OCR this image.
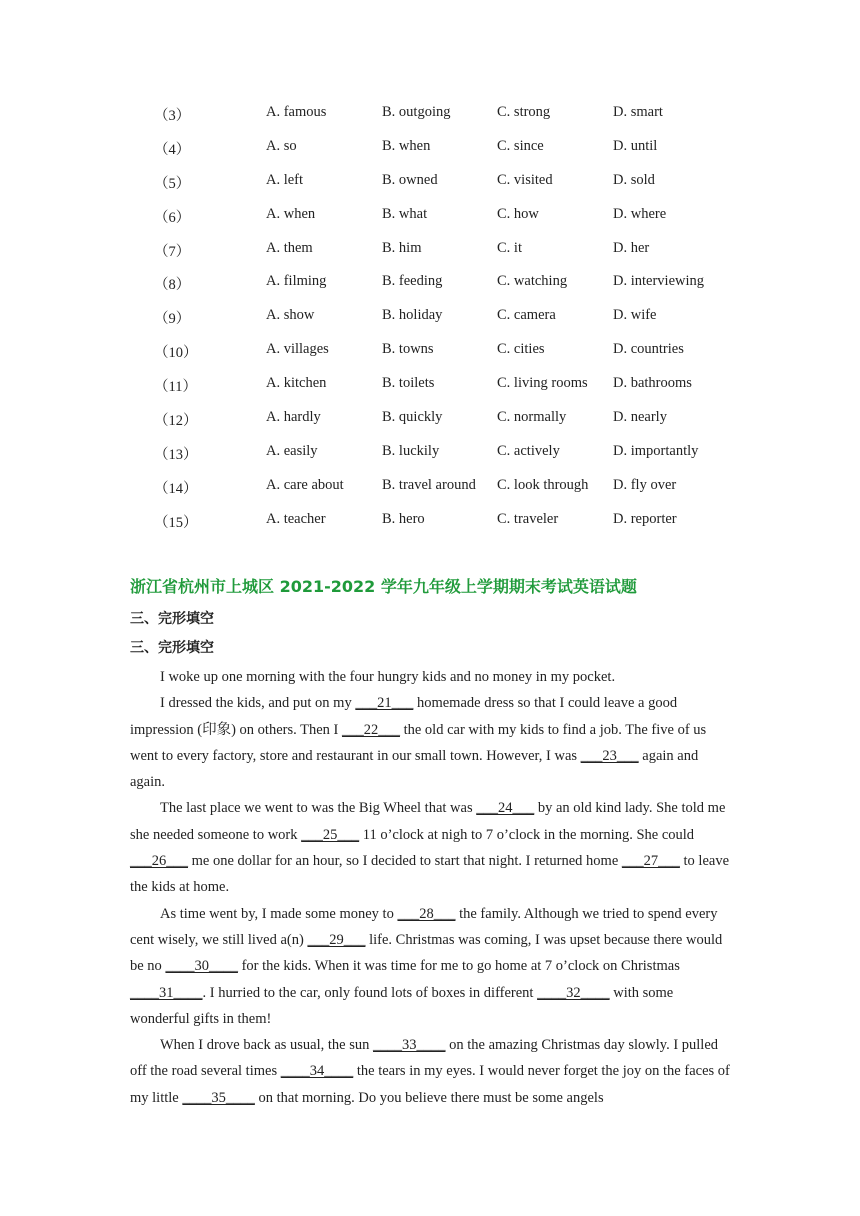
（3）	A. famous	B. outgoing	C. strong	D. smart
（4）	A. so	B. when	C. since	D. until
（5）	A. left	B. owned	C. visited	D. sold
（6）	A. when	B. what	C. how	D. where
（7）	A. them	B. him	C. it	D. her
（8）	A. filming	B. feeding	C. watching	D. interviewing
（9）	A. show	B. holiday	C. camera	D. wife
（10）	A. villages	B. towns	C. cities	D. countries
（11）	A. kitchen	B. toilets	C. living rooms D. bathrooms
（12）	A. hardly	B. quickly	C. normally	D. nearly
（13）	A. easily	B. luckily	C. actively	D. importantly
（14）	A. care about	B. travel around C. look through D. fly over
（15）	A. teacher	B. hero	C. traveler	D. reporter
浙江省杭州市上城区 2021-2022 学年九年级上学期期末考试英语试题
三、完形填空
三、完形填空

I woke up one morning with the four hungry kids and no money in my pocket.

I dressed the kids, and put on my ___21___ homemade dress so that I could leave a good impression (印象) on others. Then I ___22___ the old car with my kids to find a job. The five of us went to every factory, store and restaurant in our small town. However, I was ___23___ again and again.

The last place we went to was the Big Wheel that was ___24___ by an old kind lady. She told me she needed someone to work ___25___ 11 o’clock at nigh to 7 o’clock in the morning. She could ___26___ me one dollar for an hour, so I decided to start that night. I returned home ___27___ to leave the kids at home.

As time went by, I made some money to ___28___ the family. Although we tried to spend every cent wisely, we still lived a(n) ___29___ life. Christmas was coming, I was upset because there would be no ____30____ for the kids. When it was time for me to go home at 7 o’clock on Christmas ____31____. I hurried to the car, only found lots of boxes in different ____32____ with some wonderful gifts in them!

When I drove back as usual, the sun ____33____ on the amazing Christmas day slowly. I pulled off the road several times ____34____ the tears in my eyes. I would never forget the joy on the faces of my little ____35____ on that morning. Do you believe there must be some angels
